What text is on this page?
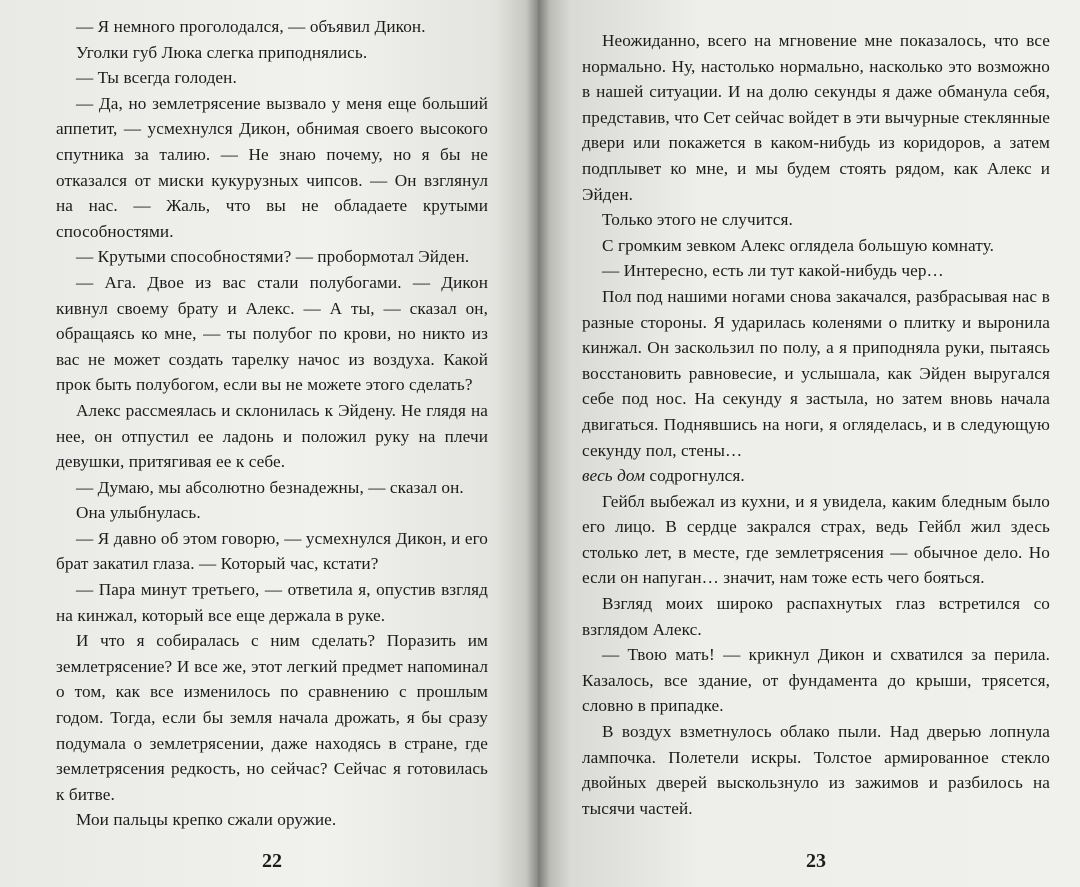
— Я немного проголодался, — объявил Дикон.

Уголки губ Люка слегка приподнялись.

— Ты всегда голоден.

— Да, но землетрясение вызвало у меня еще больший аппетит, — усмехнулся Дикон, обнимая своего высокого спутника за талию. — Не знаю почему, но я бы не отказался от миски кукурузных чипсов. — Он взглянул на нас. — Жаль, что вы не обладаете крутыми способностями.

— Крутыми способностями? — пробормотал Эйден.

— Ага. Двое из вас стали полубогами. — Дикон кивнул своему брату и Алекс. — А ты, — сказал он, обращаясь ко мне, — ты полубог по крови, но никто из вас не может создать тарелку начос из воздуха. Какой прок быть полубогом, если вы не можете этого сделать?

Алекс рассмеялась и склонилась к Эйдену. Не глядя на нее, он отпустил ее ладонь и положил руку на плечи девушки, притягивая ее к себе.

— Думаю, мы абсолютно безнадежны, — сказал он.

Она улыбнулась.

— Я давно об этом говорю, — усмехнулся Дикон, и его брат закатил глаза. — Который час, кстати?

— Пара минут третьего, — ответила я, опустив взгляд на кинжал, который все еще держала в руке.

И что я собиралась с ним сделать? Поразить им землетрясение? И все же, этот легкий предмет напоминал о том, как все изменилось по сравнению с прошлым годом. Тогда, если бы земля начала дрожать, я бы сразу подумала о землетрясении, даже находясь в стране, где землетрясения редкость, но сейчас? Сейчас я готовилась к битве.

Мои пальцы крепко сжали оружие.

22

Неожиданно, всего на мгновение мне показалось, что все нормально. Ну, настолько нормально, насколько это возможно в нашей ситуации. И на долю секунды я даже обманула себя, представив, что Сет сейчас войдет в эти вычурные стеклянные двери или покажется в каком-нибудь из коридоров, а затем подплывет ко мне, и мы будем стоять рядом, как Алекс и Эйден.

Только этого не случится.

С громким зевком Алекс оглядела большую комнату.

— Интересно, есть ли тут какой-нибудь чер…

Пол под нашими ногами снова закачался, разбрасывая нас в разные стороны. Я ударилась коленями о плитку и выронила кинжал. Он заскользил по полу, а я приподняла руки, пытаясь восстановить равновесие, и услышала, как Эйден выругался себе под нос. На секунду я застыла, но затем вновь начала двигаться. Поднявшись на ноги, я огляделась, и в следующую секунду пол, стены…

весь дом содрогнулся.

Гейбл выбежал из кухни, и я увидела, каким бледным было его лицо. В сердце закрался страх, ведь Гейбл жил здесь столько лет, в месте, где землетрясения — обычное дело. Но если он напуган… значит, нам тоже есть чего бояться.

Взгляд моих широко распахнутых глаз встретился со взглядом Алекс.

— Твою мать! — крикнул Дикон и схватился за перила. Казалось, все здание, от фундамента до крыши, трясется, словно в припадке.

В воздух взметнулось облако пыли. Над дверью лопнула лампочка. Полетели искры. Толстое армированное стекло двойных дверей выскользнуло из зажимов и разбилось на тысячи частей.

23
